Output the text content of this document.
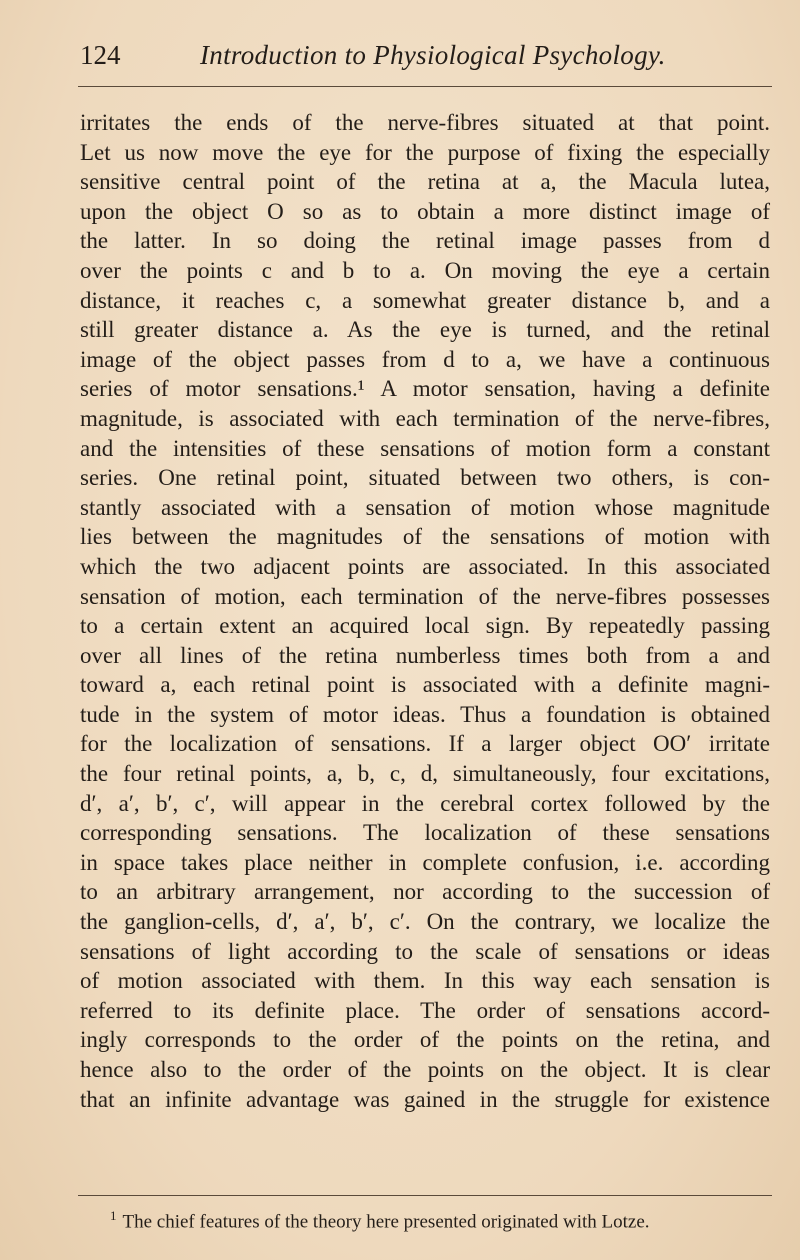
124	Introduction to Physiological Psychology.
irritates the ends of the nerve-fibres situated at that point.
Let us now move the eye for the purpose of fixing the especially
sensitive central point of the retina at a, the Macula lutea,
upon the object O so as to obtain a more distinct image of
the latter. In so doing the retinal image passes from d
over the points c and b to a. On moving the eye a certain
distance, it reaches c, a somewhat greater distance b, and a
still greater distance a. As the eye is turned, and the retinal
image of the object passes from d to a, we have a continuous
series of motor sensations.¹ A motor sensation, having a definite
magnitude, is associated with each termination of the nerve-fibres,
and the intensities of these sensations of motion form a constant
series. One retinal point, situated between two others, is con-
stantly associated with a sensation of motion whose magnitude
lies between the magnitudes of the sensations of motion with
which the two adjacent points are associated. In this associated
sensation of motion, each termination of the nerve-fibres possesses
to a certain extent an acquired local sign. By repeatedly passing
over all lines of the retina numberless times both from a and
toward a, each retinal point is associated with a definite magni-
tude in the system of motor ideas. Thus a foundation is obtained
for the localization of sensations. If a larger object OO′ irritate
the four retinal points, a, b, c, d, simultaneously, four excitations,
d′, a′, b′, c′, will appear in the cerebral cortex followed by the
corresponding sensations. The localization of these sensations
in space takes place neither in complete confusion, i.e. according
to an arbitrary arrangement, nor according to the succession of
the ganglion-cells, d′, a′, b′, c′. On the contrary, we localize the
sensations of light according to the scale of sensations or ideas
of motion associated with them. In this way each sensation is
referred to its definite place. The order of sensations accord-
ingly corresponds to the order of the points on the retina, and
hence also to the order of the points on the object. It is clear
that an infinite advantage was gained in the struggle for existence
$^1$ The chief features of the theory here presented originated with Lotze.
